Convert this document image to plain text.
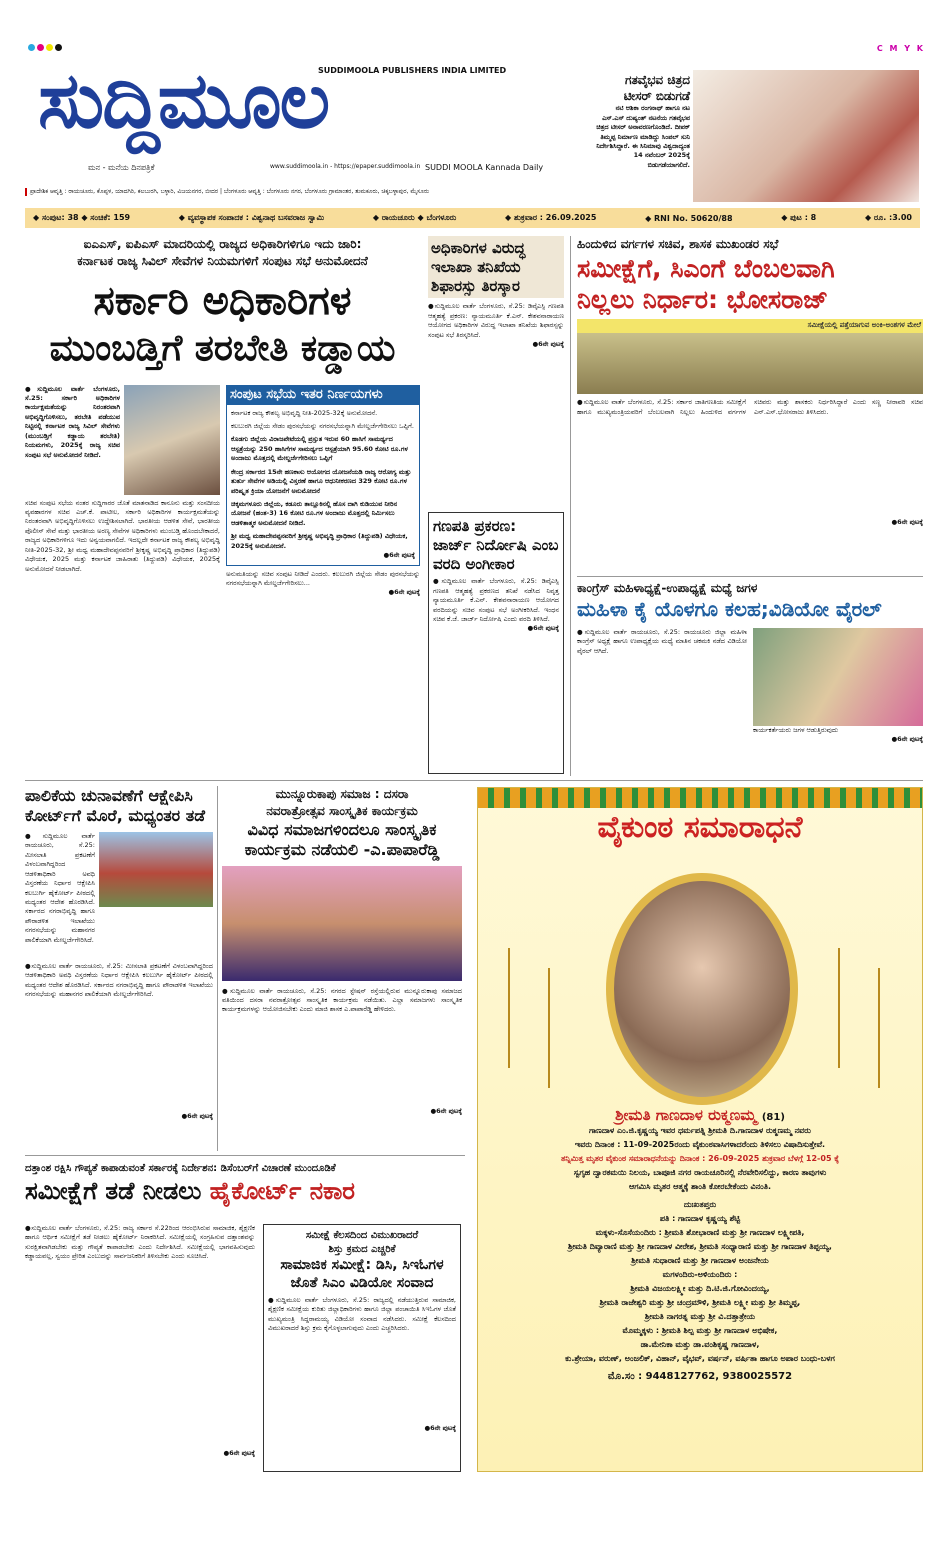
C M Y K
ಸುದ್ದಿಮೂಲ
SUDDIMOOLA PUBLISHERS INDIA LIMITED
ಮನ - ಮನೆಯ ದಿನಪತ್ರಿಕೆ	www.suddimoola.in - https://epaper.suddimoola.in SUDDI MOOLA Kannada Daily
ಗತವೈಭವ ಚಿತ್ರದ ಟೀಸರ್ ಬಿಡುಗಡೆ

ನಟಿ ಆಶಿಕಾ ರಂಗನಾಥ್ ಹಾಗೂ ನಟ ಎಸ್.ಎಸ್ ದುಷ್ಯಂತ್ ನಟನೆಯ ಗತವೈಭವ ಚಿತ್ರದ ಟೀಸರ್ ಅನಾವರಣಗೊಂಡಿದೆ. ದೀಪಕ್ ತಿಮ್ಮಪ್ಪ ನಿರ್ಮಾಣ ಮಾಡಿದ್ದು ಸಿಂಪಲ್ ಸುನಿ ನಿರ್ದೇಶಿಸಿದ್ದಾರೆ. ಈ ಸಿನಿಮಾವು ವಿಶ್ವದಾದ್ಯಂತ 14 ನವೆಂಬರ್ 2025ಕ್ಕೆ ಬಿಡುಗಡೆಯಾಗಲಿದೆ.

ಪ್ರಾದೇಶಿಕ ಆವೃತ್ತಿ : ರಾಯಚೂರು, ಕೊಪ್ಪಳ, ಯಾದಗಿರಿ, ಕಲಬುರಗಿ, ಬಳ್ಳಾರಿ, ವಿಜಯನಗರ, ಬೀದರ | ಬೆಂಗಳೂರು ಆವೃತ್ತಿ : ಬೆಂಗಳೂರು ನಗರ, ಬೆಂಗಳೂರು ಗ್ರಾಮಾಂತರ, ತುಮಕೂರು, ಚಿಕ್ಕಬಳ್ಳಾಪುರ, ಮೈಸೂರು
◆ ಸಂಪುಟ: 38 ◆ ಸಂಚಿಕೆ: 159	◆ ವ್ಯವಸ್ಥಾಪಕ ಸಂಪಾದಕ : ವಿಶ್ವನಾಥ ಬಸವರಾಜ ಸ್ವಾಮಿ	◆ ರಾಯಚೂರು ◆ ಬೆಂಗಳೂರು	◆ ಶುಕ್ರವಾರ : 26.09.2025	◆ RNI No. 50620/88	◆ ಪುಟ : 8	◆ ರೂ. :3.00
ಐಎಎಸ್, ಐಪಿಎಸ್ ಮಾದರಿಯಲ್ಲಿ ರಾಜ್ಯದ ಅಧಿಕಾರಿಗಳಿಗೂ ಇದು ಜಾರಿ:
ಕರ್ನಾಟಕ ರಾಜ್ಯ ಸಿವಿಲ್ ಸೇವೆಗಳ ನಿಯಮಗಳಿಗೆ ಸಂಪುಟ ಸಭೆ ಅನುಮೋದನೆ
ಸರ್ಕಾರಿ ಅಧಿಕಾರಿಗಳ
ಮುಂಬಡ್ತಿಗೆ ತರಬೇತಿ ಕಡ್ಡಾಯ
●ಸುದ್ದಿಮೂಲ ವಾರ್ತೆ ಬೆಂಗಳೂರು, ಸೆ.25: ಸರ್ಕಾರಿ ಅಧಿಕಾರಿಗಳ ಕಾರ್ಯಕ್ಷಮತೆಯನ್ನು ನಿರಂತರವಾಗಿ ಅಭಿವೃದ್ಧಿಗೊಳಿಸಲು, ತರಬೇತಿ ಪಡೆಯುವ ನಿಟ್ಟಿನಲ್ಲಿ ಕರ್ನಾಟಕ ರಾಜ್ಯ ಸಿವಿಲ್ ಸೇವೆಗಳು (ಮುಂಬಡ್ತಿಗೆ ಕಡ್ಡಾಯ ತರಬೇತಿ) ನಿಯಮಗಳು, 2025ಕ್ಕೆ ರಾಜ್ಯ ಸಚಿವ ಸಂಪುಟ ಸಭೆ ಅನುಮೋದನೆ ನೀಡಿದೆ.
ಸಚಿವ ಸಂಪುಟ ಸಭೆಯ ನಂತರ ಸುದ್ದಿಗಾರರ ಜೊತೆ ಮಾತನಾಡಿದ ಕಾನೂನು ಮತ್ತು ಸಂಸದೀಯ ವ್ಯವಹಾರಗಳ ಸಚಿವ ಎಚ್.ಕೆ. ಪಾಟೀಲ, ಸರ್ಕಾರಿ ಅಧಿಕಾರಿಗಳ ಕಾರ್ಯಕ್ಷಮತೆಯನ್ನು ನಿರಂತರವಾಗಿ ಅಭಿವೃದ್ಧಿಗೊಳಿಸಲು ಉದ್ದೇಶಿಸಲಾಗಿದೆ. ಭಾರತೀಯ ಆಡಳಿತ ಸೇವೆ, ಭಾರತೀಯ ಪೊಲೀಸ್ ಸೇವೆ ಮತ್ತು ಭಾರತೀಯ ಅರಣ್ಯ ಸೇವೆಗಳ ಅಧಿಕಾರಿಗಳು ಮುಂಬಡ್ತಿ ಹೊಂದಬೇಕಾದರೆ, ರಾಜ್ಯದ ಅಧಿಕಾರಿಗಳಿಗೂ ಇದು ಅನ್ವಯವಾಗಲಿದೆ. ಇದಲ್ಲದೇ ಕರ್ನಾಟಕ ರಾಜ್ಯ ಕೌಶಲ್ಯ ಅಭಿವೃದ್ಧಿ ನೀತಿ-2025-32, ಶ್ರೀ ಮಧ್ವ ಮಹಾದೇವಪ್ಪನವರಿಗೆ ಶ್ರೀಕೃಷ್ಣ ಅಭಿವೃದ್ಧಿ ಪ್ರಾಧಿಕಾರ (ತಿದ್ದುಪಡಿ) ವಿಧೇಯಕ, 2025 ಮತ್ತು ಕರ್ನಾಟಕ ಜಾಹಿರಾತು (ತಿದ್ದುಪಡಿ) ವಿಧೇಯಕ, 2025ಕ್ಕೆ ಅನುಮೋದನೆ ನೀಡಲಾಗಿದೆ.
ಸಂಪುಟ ಸಭೆಯ ಇತರ ನಿರ್ಣಯಗಳು
ಕರ್ನಾಟಕ ರಾಜ್ಯ ಕೌಶಲ್ಯ ಅಭಿವೃದ್ಧಿ ನೀತಿ-2025-32ಕ್ಕೆ ಅನುಮೋದನೆ.
ಕಲಬುರಗಿ ಜಿಲ್ಲೆಯ ಸೇಡಂ ಪುರಸಭೆಯನ್ನು ನಗರಸಭೆಯನ್ನಾಗಿ ಮೇಲ್ದರ್ಜೆಗೇರಿಸಲು ಒಪ್ಪಿಗೆ.
ಕೊಡಗು ಜಿಲ್ಲೆಯ ವಿರಾಜಪೇಟೆಯಲ್ಲಿ ಪ್ರಸ್ತುತ ಇರುವ 60 ಹಾಸಿಗೆ ಸಾಮರ್ಥ್ಯದ ಆಸ್ಪತ್ರೆಯನ್ನು 250 ಹಾಸಿಗೆಗಳ ಸಾಮರ್ಥ್ಯದ ಆಸ್ಪತ್ರೆಯಾಗಿ 95.60 ಕೋಟಿ ರೂ.ಗಳ ಅಂದಾಜು ಮೊತ್ತದಲ್ಲಿ ಮೇಲ್ದರ್ಜೆಗೇರಿಸಲು ಒಪ್ಪಿಗೆ
ಕೇಂದ್ರ ಸರ್ಕಾರದ 15ನೇ ಹಣಕಾಸು ಆಯೋಗದ ಯೋಜನೆಯಡಿ ರಾಜ್ಯ ಆರೋಗ್ಯ ಮತ್ತು ತುರ್ತು ಸೇವೆಗಳ ಅಡಿಯಲ್ಲಿ ವಿಸ್ತರಣೆ ಹಾಗೂ ಆಧುನೀಕರಣದ 329 ಕೋಟಿ ರೂ.ಗಳ ಪರಿಷ್ಕೃತ ಕ್ರಿಯಾ ಯೋಜನೆಗೆ ಅನುಮೋದನೆ
ಚಿಕ್ಕಮಗಳೂರು ಜಿಲ್ಲೆಯ, ಕಡೂರು ತಾಲ್ಲೂಕಿನಲ್ಲಿ ಹೊಸ ದಾಗಿ ಕುಡಿಯುವ ನೀರಿನ ಯೋಜನೆ (ಹಂತ-3) 16 ಕೋಟಿ ರೂ.ಗಳ ಅಂದಾಜು ಮೊತ್ತದಲ್ಲಿ ನಿರ್ಮಿಸಲು ಆಡಳಿತಾತ್ಮಕ ಅನುಮೋದನೆ ನೀಡಿದೆ.
ಶ್ರೀ ಮಧ್ವ ಮಹಾದೇವಪ್ಪನವರಿಗೆ ಶ್ರೀಕೃಷ್ಣ ಅಭಿವೃದ್ಧಿ ಪ್ರಾಧಿಕಾರ (ತಿದ್ದುಪಡಿ) ವಿಧೇಯಕ, 2025ಕ್ಕೆ ಅನುಮೋದನೆ.
●6ನೇ ಪುಟಕ್ಕೆ
ಅನುಮತಿಯನ್ನು ಸಚಿವ ಸಂಪುಟ ನೀಡಿದೆ ಎಂದರು. ಕಲಬುರಗಿ ಜಿಲ್ಲೆಯ ಸೇಡಂ ಪುರಸಭೆಯನ್ನು ನಗರಸಭೆಯನ್ನಾಗಿ ಮೇಲ್ದರ್ಜೆಗೇರಿಸಲು...
●6ನೇ ಪುಟಕ್ಕೆ
ಅಧಿಕಾರಿಗಳ ವಿರುದ್ಧ ಇಲಾಖಾ ತನಿಖೆಯ ಶಿಫಾರಸ್ಸು ತಿರಸ್ಕಾರ
●ಸುದ್ದಿಮೂಲ ವಾರ್ತೆ ಬೆಂಗಳೂರು, ಸೆ.25: ಡಿವೈಎಸ್ಪಿ ಗಣಪತಿ ಆತ್ಮಹತ್ಯೆ ಪ್ರಕರಣ: ನ್ಯಾಯಮೂರ್ತಿ ಕೆ.ಎನ್. ಕೇಶವನಾರಾಯಣ ಆಯೋಗದ ಅಧಿಕಾರಿಗಳ ವಿರುದ್ಧ ಇಲಾಖಾ ತನಿಖೆಯ ಶಿಫಾರಸ್ಸನ್ನು ಸಂಪುಟ ಸಭೆ ತಿರಸ್ಕರಿಸಿದೆ.
●6ನೇ ಪುಟಕ್ಕೆ
ಗಣಪತಿ ಪ್ರಕರಣ: ಜಾರ್ಜ್ ನಿರ್ದೋಷಿ ಎಂಬ ವರದಿ ಅಂಗೀಕಾರ
●ಸುದ್ದಿಮೂಲ ವಾರ್ತೆ ಬೆಂಗಳೂರು, ಸೆ.25: ಡಿವೈಎಸ್ಪಿ ಗಣಪತಿ ಆತ್ಮಹತ್ಯೆ ಪ್ರಕರಣದ ತನಿಖೆ ನಡೆಸಿದ ನಿವೃತ್ತ ನ್ಯಾಯಮೂರ್ತಿ ಕೆ.ಎನ್. ಕೇಶವನಾರಾಯಣ ಆಯೋಗದ ವರದಿಯನ್ನು ಸಚಿವ ಸಂಪುಟ ಸಭೆ ಅಂಗೀಕರಿಸಿದೆ. ಇಂಧನ ಸಚಿವ ಕೆ.ಜೆ. ಜಾರ್ಜ್ ನಿರ್ದೋಷಿ ಎಂದು ವರದಿ ತಿಳಿಸಿದೆ.
●6ನೇ ಪುಟಕ್ಕೆ
ಹಿಂದುಳಿದ ವರ್ಗಗಳ ಸಚಿವ, ಶಾಸಕ ಮುಖಂಡರ ಸಭೆ
ಸಮೀಕ್ಷೆಗೆ, ಸಿಎಂಗೆ ಬೆಂಬಲವಾಗಿ
ನಿಲ್ಲಲು ನಿರ್ಧಾರ: ಭೋಸರಾಜ್
ಸಮೀಕ್ಷೆಯಲ್ಲಿ ಪತ್ತೆಯಾಗುವ ಅಂಕಿ-ಅಂಶಗಳ ಮೇಲೆ
●ಸುದ್ದಿಮೂಲ ವಾರ್ತೆ ಬೆಂಗಳೂರು, ಸೆ.25: ಸರ್ಕಾರ ಜಾತಿಗಣತಿಯ ಸಮೀಕ್ಷೆಗೆ ಹಾಗೂ ಮುಖ್ಯಮಂತ್ರಿಯವರಿಗೆ ಬೆಂಬಲವಾಗಿ ನಿಲ್ಲಲು ಹಿಂದುಳಿದ ವರ್ಗಗಳ ಸಚಿವರು ಮತ್ತು ಶಾಸಕರು ನಿರ್ಧರಿಸಿದ್ದಾರೆ ಎಂದು ಸಣ್ಣ ನೀರಾವರಿ ಸಚಿವ ಎನ್.ಎಸ್.ಭೋಸರಾಜು ತಿಳಿಸಿದರು.
●6ನೇ ಪುಟಕ್ಕೆ
ಕಾಂಗ್ರೆಸ್ ಮಹಿಳಾಧ್ಯಕ್ಷೆ-ಉಪಾಧ್ಯಕ್ಷೆ ಮಧ್ಯೆ ಜಗಳ
ಮಹಿಳಾ ಕೈ ಯೊಳಗೂ ಕಲಹ;ವಿಡಿಯೋ ವೈರಲ್
●ಸುದ್ದಿಮೂಲ ವಾರ್ತೆ ರಾಯಚೂರು, ಸೆ.25: ರಾಯಚೂರು ಜಿಲ್ಲಾ ಮಹಿಳಾ ಕಾಂಗ್ರೆಸ್ ಅಧ್ಯಕ್ಷೆ ಹಾಗೂ ಉಪಾಧ್ಯಕ್ಷೆಯ ಮಧ್ಯೆ ಮಾತಿನ ಚಕಮಕಿ ನಡೆದ ವಿಡಿಯೋ ವೈರಲ್ ಆಗಿದೆ.
ಕಾರ್ಯಕರ್ತೆಯರು ಜಗಳ ಆಡುತ್ತಿರುವುದು
●6ನೇ ಪುಟಕ್ಕೆ
ಪಾಲಿಕೆಯ ಚುನಾವಣೆಗೆ ಆಕ್ಷೇಪಿಸಿ ಕೋರ್ಟ್‌ಗೆ ಮೊರೆ, ಮಧ್ಯಂತರ ತಡೆ
●ಸುದ್ದಿಮೂಲ ವಾರ್ತೆ ರಾಯಚೂರು, ಸೆ.25: ಮೀಸಲಾತಿ ಪ್ರಕಟಣೆಗೆ ವಿಳಂಬವಾಗಿದ್ದರಿಂದ ಆಡಳಿತಾಧಿಕಾರಿ ಅವಧಿ ವಿಸ್ತರಣೆಯ ನಿರ್ಧಾರ ಆಕ್ಷೇಪಿಸಿ ಕಲಬುರ್ಗಿ ಹೈಕೋರ್ಟ್ ಪೀಠದಲ್ಲಿ ಮಧ್ಯಂತರ ಆದೇಶ ಹೊರಡಿಸಿದೆ. ಸರ್ಕಾರದ ನಗರಾಭಿವೃದ್ಧಿ ಹಾಗೂ ಪೌರಾಡಳಿತ ಇಲಾಖೆಯು ನಗರಸಭೆಯನ್ನು ಮಹಾನಗರ ಪಾಲಿಕೆಯಾಗಿ ಮೇಲ್ದರ್ಜೆಗೇರಿಸಿದೆ.
●ಸುದ್ದಿಮೂಲ ವಾರ್ತೆ ರಾಯಚೂರು, ಸೆ.25: ಮೀಸಲಾತಿ ಪ್ರಕಟಣೆಗೆ ವಿಳಂಬವಾಗಿದ್ದರಿಂದ ಆಡಳಿತಾಧಿಕಾರಿ ಅವಧಿ ವಿಸ್ತರಣೆಯ ನಿರ್ಧಾರ ಆಕ್ಷೇಪಿಸಿ ಕಲಬುರ್ಗಿ ಹೈಕೋರ್ಟ್ ಪೀಠದಲ್ಲಿ ಮಧ್ಯಂತರ ಆದೇಶ ಹೊರಡಿಸಿದೆ. ಸರ್ಕಾರದ ನಗರಾಭಿವೃದ್ಧಿ ಹಾಗೂ ಪೌರಾಡಳಿತ ಇಲಾಖೆಯು ನಗರಸಭೆಯನ್ನು ಮಹಾನಗರ ಪಾಲಿಕೆಯಾಗಿ ಮೇಲ್ದರ್ಜೆಗೇರಿಸಿದೆ.
●6ನೇ ಪುಟಕ್ಕೆ
ಮುನ್ನೂರುಕಾಪು ಸಮಾಜ : ದಸರಾ
ನವರಾತ್ರೋತ್ಸವ ಸಾಂಸ್ಕೃತಿಕ ಕಾರ್ಯಕ್ರಮ
ವಿವಿಧ ಸಮಾಜಗಳಿಂದಲೂ ಸಾಂಸ್ಕೃತಿಕ ಕಾರ್ಯಕ್ರಮ ನಡೆಯಲಿ -ಎ.ಪಾಪಾರೆಡ್ಡಿ
●ಸುದ್ದಿಮೂಲ ವಾರ್ತೆ ರಾಯಚೂರು, ಸೆ.25: ನಗರದ ಸ್ಟೇಷನ್ ರಸ್ತೆಯಲ್ಲಿರುವ ಮುನ್ನೂರುಕಾಪು ಸಮಾಜದ ವತಿಯಿಂದ ದಸರಾ ನವರಾತ್ರೋತ್ಸವ ಸಾಂಸ್ಕೃತಿಕ ಕಾರ್ಯಕ್ರಮ ನಡೆಯಿತು. ಎಲ್ಲಾ ಸಮಾಜಗಳು ಸಾಂಸ್ಕೃತಿಕ ಕಾರ್ಯಕ್ರಮಗಳನ್ನು ಆಯೋಜಿಸಬೇಕು ಎಂದು ಮಾಜಿ ಶಾಸಕ ಎ.ಪಾಪಾರೆಡ್ಡಿ ಹೇಳಿದರು.
●6ನೇ ಪುಟಕ್ಕೆ
ದತ್ತಾಂಶ ರಕ್ಷಿಸಿ ಗೌಪ್ಯತೆ ಕಾಪಾಡುವಂತೆ ಸರ್ಕಾರಕ್ಕೆ ನಿರ್ದೇಶನ: ಡಿಸೆಂಬರ್‌ಗೆ ವಿಚಾರಣೆ ಮುಂದೂಡಿಕೆ
ಸಮೀಕ್ಷೆಗೆ ತಡೆ ನೀಡಲು ಹೈಕೋರ್ಟ್ ನಕಾರ
●ಸುದ್ದಿಮೂಲ ವಾರ್ತೆ ಬೆಂಗಳೂರು, ಸೆ.25: ರಾಜ್ಯ ಸರ್ಕಾರ ಸೆ.22ರಿಂದ ಆರಂಭಿಸಿರುವ ಸಾಮಾಜಿಕ, ಶೈಕ್ಷಣಿಕ ಹಾಗೂ ಆರ್ಥಿಕ ಸಮೀಕ್ಷೆಗೆ ತಡೆ ನೀಡಲು ಹೈಕೋರ್ಟ್ ನಿರಾಕರಿಸಿದೆ. ಸಮೀಕ್ಷೆಯಲ್ಲಿ ಸಂಗ್ರಹಿಸುವ ದತ್ತಾಂಶವನ್ನು ಸುರಕ್ಷಿತವಾಗಿಡಬೇಕು ಮತ್ತು ಗೌಪ್ಯತೆ ಕಾಪಾಡಬೇಕು ಎಂದು ನಿರ್ದೇಶಿಸಿದೆ. ಸಮೀಕ್ಷೆಯಲ್ಲಿ ಭಾಗವಹಿಸುವುದು ಕಡ್ಡಾಯವಲ್ಲ, ಸ್ವಯಂ ಪ್ರೇರಿತ ಎಂಬುದನ್ನು ಸಾರ್ವಜನಿಕರಿಗೆ ತಿಳಿಸಬೇಕು ಎಂದು ಸೂಚಿಸಿದೆ.
●6ನೇ ಪುಟಕ್ಕೆ
ಸಮೀಕ್ಷೆ ಕೆಲಸದಿಂದ ವಿಮುಖರಾದರೆ
ಶಿಸ್ತು ಕ್ರಮದ ಎಚ್ಚರಿಕೆ
ಸಾಮಾಜಿಕ ಸಮೀಕ್ಷೆ: ಡಿಸಿ, ಸಿಇಓಗಳ ಜೊತೆ ಸಿಎಂ ವಿಡಿಯೋ ಸಂವಾದ
●ಸುದ್ದಿಮೂಲ ವಾರ್ತೆ ಬೆಂಗಳೂರು, ಸೆ.25: ರಾಜ್ಯದಲ್ಲಿ ನಡೆಯುತ್ತಿರುವ ಸಾಮಾಜಿಕ, ಶೈಕ್ಷಣಿಕ ಸಮೀಕ್ಷೆಯ ಕುರಿತು ಜಿಲ್ಲಾಧಿಕಾರಿಗಳು ಹಾಗೂ ಜಿಲ್ಲಾ ಪಂಚಾಯಿತಿ ಸಿಇಓಗಳ ಜೊತೆ ಮುಖ್ಯಮಂತ್ರಿ ಸಿದ್ದರಾಮಯ್ಯ ವಿಡಿಯೋ ಸಂವಾದ ನಡೆಸಿದರು. ಸಮೀಕ್ಷೆ ಕೆಲಸದಿಂದ ವಿಮುಖರಾದರೆ ಶಿಸ್ತು ಕ್ರಮ ಕೈಗೊಳ್ಳಲಾಗುವುದು ಎಂದು ಎಚ್ಚರಿಸಿದರು.
●6ನೇ ಪುಟಕ್ಕೆ
ವೈಕುಂಠ ಸಮಾರಾಧನೆ
ಶ್ರೀಮತಿ ಗಾಣದಾಳ ರುಕ್ಮಣಮ್ಮ (81)
ಗಾಣದಾಳ ಎಂ.ಜಿ.ಕೃಷ್ಣಯ್ಯ ಇವರ ಧರ್ಮಪತ್ನಿ ಶ್ರೀಮತಿ ದಿ.ಗಾಣದಾಳ ರುಕ್ಮಣಮ್ಮ ನವರು
ಇವರು ದಿನಾಂಕ : 11-09-2025ರಂದು ವೈಕುಂಠವಾಸಿಗಳಾದರೆಂದು ತಿಳಿಸಲು ವಿಷಾದಿಸುತ್ತೇವೆ.
ತನ್ನಿಮಿತ್ತ ಮೃತರ ವೈಕುಂಠ ಸಮಾರಾಧನೆಯನ್ನು ದಿನಾಂಕ : 26-09-2025 ಶುಕ್ರವಾರ ಬೆಳಗ್ಗೆ 12-05 ಕ್ಕೆ
ಸ್ವಗೃಹ ದ್ವಾರಕಮಯಿ ನಿಲಯ, ಬಾಪೂಜಿ ನಗರ ರಾಯಚೂರಿನಲ್ಲಿ ನೆರವೇರಿಸಲಿದ್ದು, ಕಾರಣ ತಾವುಗಳು
ಆಗಮಿಸಿ ಮೃತರ ಆತ್ಮಕ್ಕೆ ಶಾಂತಿ ಕೋರಬೇಕೆಂದು ವಿನಂತಿ.
ದುಃಖತಪ್ತರು
ಪತಿ : ಗಾಣದಾಳ ಕೃಷ್ಣಯ್ಯ ಶೆಟ್ಟಿ
ಮಕ್ಕಳು-ಸೊಸೆಯಂದಿರು : ಶ್ರೀಮತಿ ಶೋಭಾರಾಣಿ ಮತ್ತು ಶ್ರೀ ಗಾಣದಾಳ ಲಕ್ಷ್ಮೀಪತಿ,
ಶ್ರೀಮತಿ ದಿವ್ಯಾರಾಣಿ ಮತ್ತು ಶ್ರೀ ಗಾಣದಾಳ ವೀರೇಶ, ಶ್ರೀಮತಿ ಸಂಧ್ಯಾರಾಣಿ ಮತ್ತು ಶ್ರೀ ಗಾಣದಾಳ ತಿಪ್ಪಯ್ಯ,
ಶ್ರೀಮತಿ ಸುಧಾರಾಣಿ ಮತ್ತು ಶ್ರೀ ಗಾಣದಾಳ ಅಂಜನೇಯ
ಮಗಳಂದಿರು-ಅಳಿಯಂದಿರು :
ಶ್ರೀಮತಿ ವಿಜಯಲಕ್ಷ್ಮೀ ಮತ್ತು ದಿ.ಟಿ.ಜಿ.ಗೋವಿಂದಯ್ಯ,
ಶ್ರೀಮತಿ ರಾಜೇಶ್ವರಿ ಮತ್ತು ಶ್ರೀ ಚಂದ್ರಮೌಳಿ, ಶ್ರೀಮತಿ ಲಕ್ಷ್ಮೀ ಮತ್ತು ಶ್ರೀ ತಿಮ್ಮಪ್ಪ,
ಶ್ರೀಮತಿ ನಾಗರತ್ನ ಮತ್ತು ಶ್ರೀ ವಿ.ದತ್ತಾತ್ರೇಯ
ಮೊಮ್ಮಕ್ಕಳು : ಶ್ರೀಮತಿ ಶಿಲ್ಪ ಮತ್ತು ಶ್ರೀ ಗಾಣದಾಳ ಅಭಿಷೇಕ,
ಡಾ.ಮೇನಿಕಾ ಮತ್ತು ಡಾ.ವಂಶಿಕೃಷ್ಣ ಗಾಣದಾಳ,
ಕು.ಶ್ರೇಯಾ, ವರುಣ್, ಅಂಜಲಿಕ್, ವಿಹಾನ್, ವೈಭವ್, ವರ್ಷನ್, ವರ್ಷಿತಾ ಹಾಗೂ ಅಪಾರ ಬಂಧು-ಬಳಗ
ಮೊ.ಸಂ : 9448127762, 9380025572
